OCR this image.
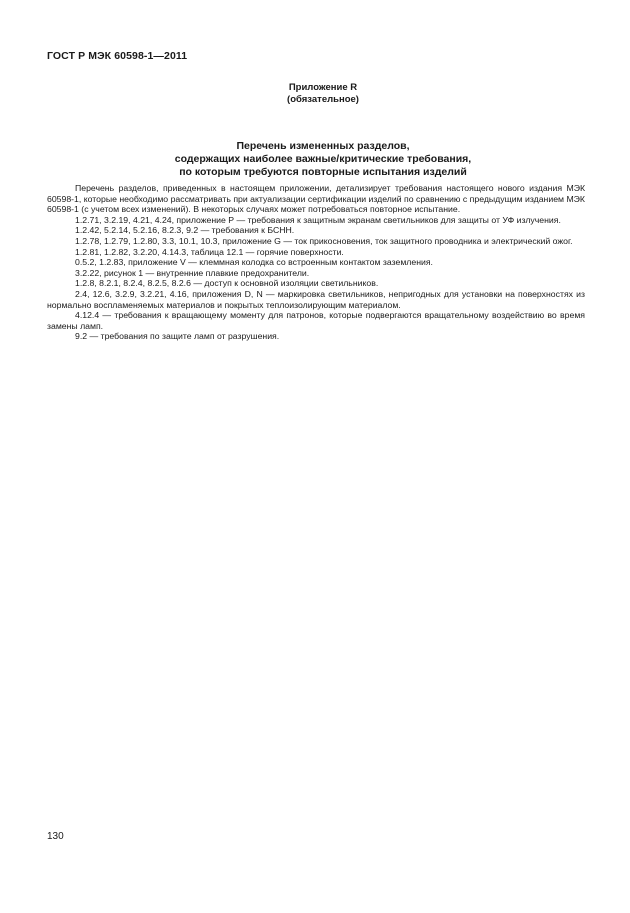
ГОСТ Р МЭК 60598-1—2011
Приложение R
(обязательное)
Перечень измененных разделов,
содержащих наиболее важные/критические требования,
по которым требуются повторные испытания изделий

Перечень разделов, приведенных в настоящем приложении, детализирует требования настоящего нового издания МЭК 60598-1, которые необходимо рассматривать при актуализации сертификации изделий по сравнению с предыдущим изданием МЭК 60598-1 (с учетом всех изменений). В некоторых случаях может потребоваться повторное испытание.

1.2.71, 3.2.19, 4.21, 4.24, приложение Р — требования к защитным экранам светильников для защиты от УФ излучения.

1.2.42, 5.2.14, 5.2.16, 8.2.3, 9.2 — требования к БСНН.

1.2.78, 1.2.79, 1.2.80, 3.3, 10.1, 10.3, приложение G — ток прикосновения, ток защитного проводника и электрический ожог.

1.2.81, 1.2.82, 3.2.20, 4.14.3, таблица 12.1 — горячие поверхности.

0.5.2, 1.2.83, приложение V — клеммная колодка со встроенным контактом заземления.

3.2.22, рисунок 1 — внутренние плавкие предохранители.

1.2.8, 8.2.1, 8.2.4, 8.2.5, 8.2.6 — доступ к основной изоляции светильников.

2.4, 12.6, 3.2.9, 3.2.21, 4.16, приложения D, N — маркировка светильников, непригодных для установки на поверхностях из нормально воспламеняемых материалов и покрытых теплоизолирующим материалом.

4.12.4 — требования к вращающему моменту для патронов, которые подвергаются вращательному воздействию во время замены ламп.

9.2 — требования по защите ламп от разрушения.

130
